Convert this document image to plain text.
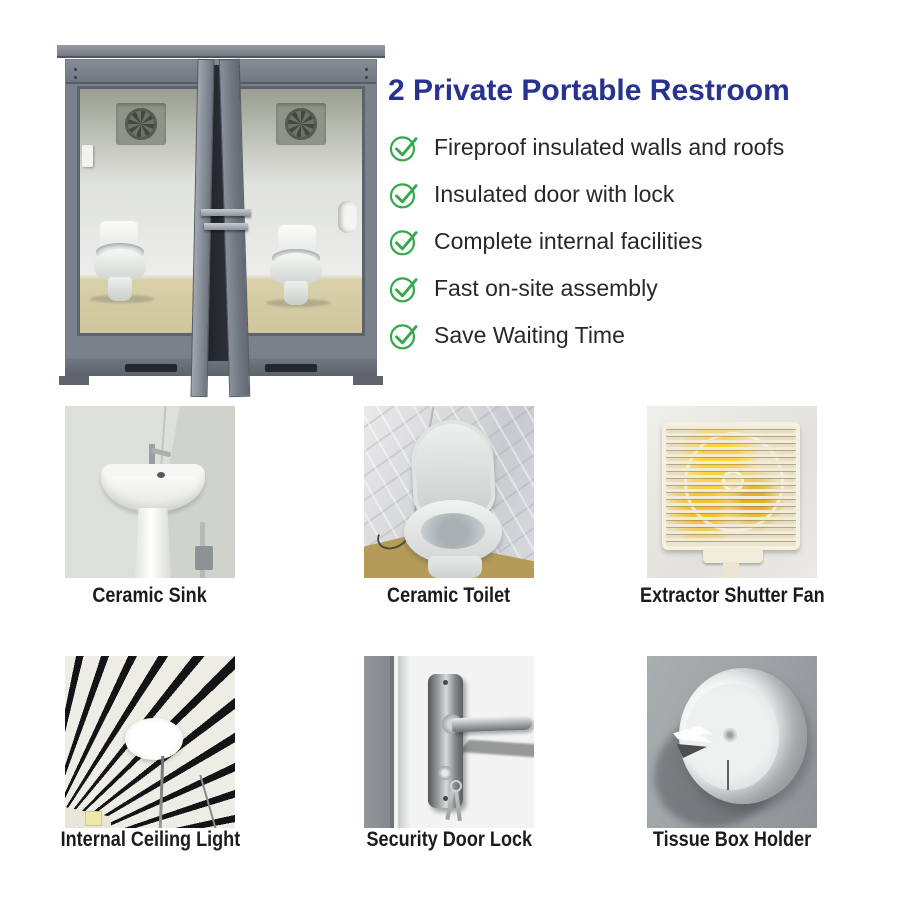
2 Private Portable Restroom
Fireproof insulated walls and roofs
Insulated door with lock
Complete internal facilities
Fast on-site assembly
Save Waiting Time
Ceramic Sink	Ceramic Toilet	Extractor Shutter Fan
Internal Ceiling Light	Security Door Lock	Tissue Box Holder
